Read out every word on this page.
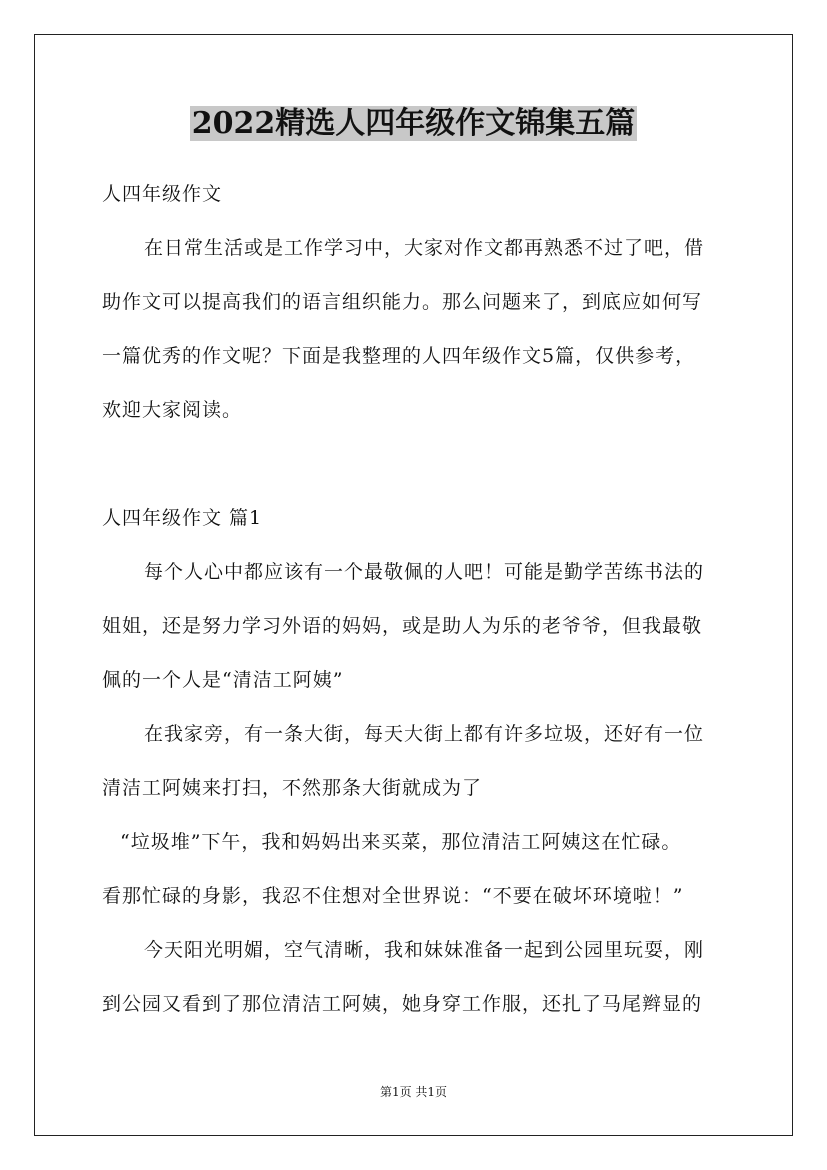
2022精选人四年级作文锦集五篇
人四年级作文
在日常生活或是工作学习中，大家对作文都再熟悉不过了吧，借
助作文可以提高我们的语言组织能力。那么问题来了，到底应如何写
一篇优秀的作文呢？下面是我整理的人四年级作文5篇，仅供参考，
欢迎大家阅读。
人四年级作文 篇1
每个人心中都应该有一个最敬佩的人吧！可能是勤学苦练书法的
姐姐，还是努力学习外语的妈妈，或是助人为乐的老爷爷，但我最敬
佩的一个人是“清洁工阿姨”
在我家旁，有一条大街，每天大街上都有许多垃圾，还好有一位
清洁工阿姨来打扫，不然那条大街就成为了
“垃圾堆”下午，我和妈妈出来买菜，那位清洁工阿姨这在忙碌。
看那忙碌的身影，我忍不住想对全世界说：“不要在破坏环境啦！”
今天阳光明媚，空气清晰，我和妹妹准备一起到公园里玩耍，刚
到公园又看到了那位清洁工阿姨，她身穿工作服，还扎了马尾辫显的
第1页 共1页
